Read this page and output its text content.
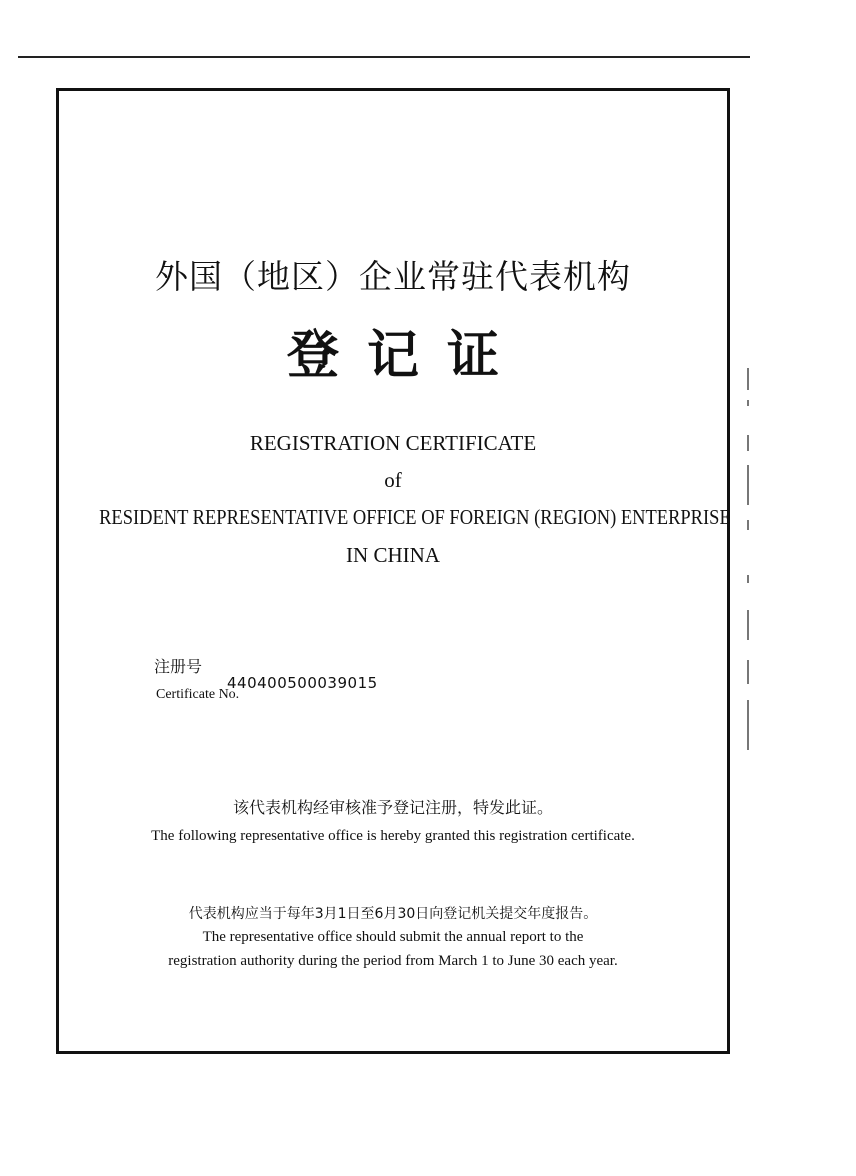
外国（地区）企业常驻代表机构
登记证
REGISTRATION CERTIFICATE
of
RESIDENT REPRESENTATIVE OFFICE OF FOREIGN (REGION) ENTERPRISE
IN CHINA
注册号
440400500039015
Certificate No.
该代表机构经审核准予登记注册，特发此证。
The following representative office is hereby granted this registration certificate.
代表机构应当于每年3月1日至6月30日向登记机关提交年度报告。
The representative office should submit the annual report to the
registration authority during the period from March 1 to June 30 each year.
